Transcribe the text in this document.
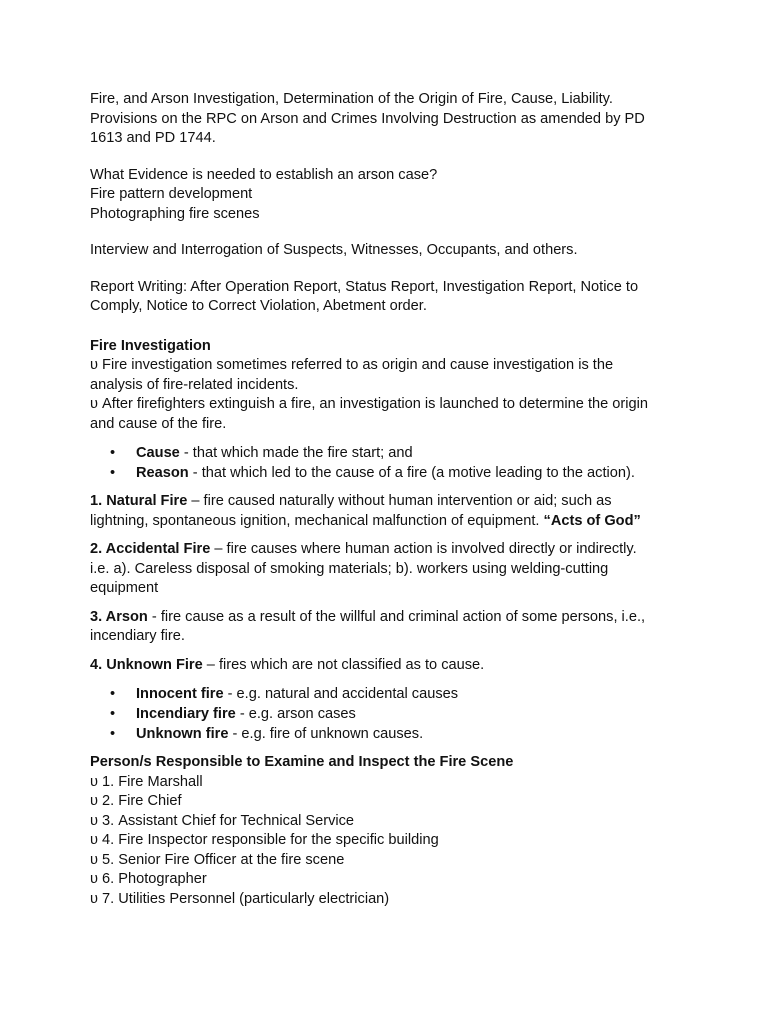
Fire, and Arson Investigation, Determination of the Origin of Fire, Cause, Liability.

Provisions on the RPC on Arson and Crimes Involving Destruction as amended by PD

1613 and PD 1744.

What Evidence is needed to establish an arson case?

Fire pattern development

Photographing fire scenes

Interview and Interrogation of Suspects, Witnesses, Occupants, and others.

Report Writing: After Operation Report, Status Report, Investigation Report, Notice to

Comply, Notice to Correct Violation, Abetment order.

Fire Investigation

υ Fire investigation sometimes referred to as origin and cause investigation is the

analysis of fire-related incidents.

υ After firefighters extinguish a fire, an investigation is launched to determine the origin

and cause of the fire.

• Cause - that which made the fire start; and
• Reason - that which led to the cause of a fire (a motive leading to the action).

1. Natural Fire – fire caused naturally without human intervention or aid; such as

lightning, spontaneous ignition, mechanical malfunction of equipment. “Acts of God”

2. Accidental Fire – fire causes where human action is involved directly or indirectly.

i.e. a). Careless disposal of smoking materials; b). workers using welding-cutting

equipment

3. Arson - fire cause as a result of the willful and criminal action of some persons, i.e.,

incendiary fire.

4. Unknown Fire – fires which are not classified as to cause.

• Innocent fire - e.g. natural and accidental causes
• Incendiary fire - e.g. arson cases
• Unknown fire - e.g. fire of unknown causes.

Person/s Responsible to Examine and Inspect the Fire Scene

υ 1. Fire Marshall

υ 2. Fire Chief

υ 3. Assistant Chief for Technical Service

υ 4. Fire Inspector responsible for the specific building

υ 5. Senior Fire Officer at the fire scene

υ 6. Photographer

υ 7. Utilities Personnel (particularly electrician)
